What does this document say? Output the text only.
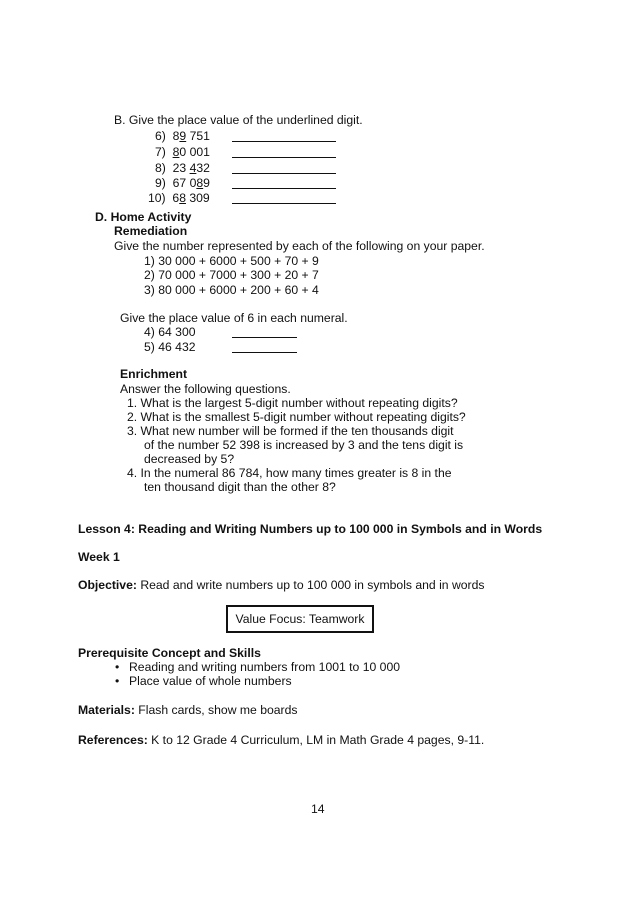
B. Give the place value of the underlined digit.
6) 89 751
7) 80 001
8) 23 432
9) 67 089
10) 68 309
D. Home Activity
Remediation
Give the number represented by each of the following on your paper.
1) 30 000 + 6000 + 500 + 70 + 9
2) 70 000 + 7000 + 300 + 20 + 7
3) 80 000 + 6000 + 200 + 60 + 4
Give the place value of 6 in each numeral.
4) 64 300
5) 46 432
Enrichment
Answer the following questions.
1. What is the largest 5-digit number without repeating digits?
2. What is the smallest 5-digit number without repeating digits?
3. What new number will be formed if the ten thousands digit
of the number 52 398 is increased by 3 and the tens digit is
decreased by 5?
4. In the numeral 86 784, how many times greater is 8 in the
ten thousand digit than the other 8?
Lesson 4: Reading and Writing Numbers up to 100 000 in Symbols and in Words
Week 1
Objective: Read and write numbers up to 100 000 in symbols and in words
Value Focus: Teamwork
Prerequisite Concept and Skills
• Reading and writing numbers from 1001 to 10 000
• Place value of whole numbers
Materials: Flash cards, show me boards
References: K to 12 Grade 4 Curriculum, LM in Math Grade 4 pages, 9-11.
14
